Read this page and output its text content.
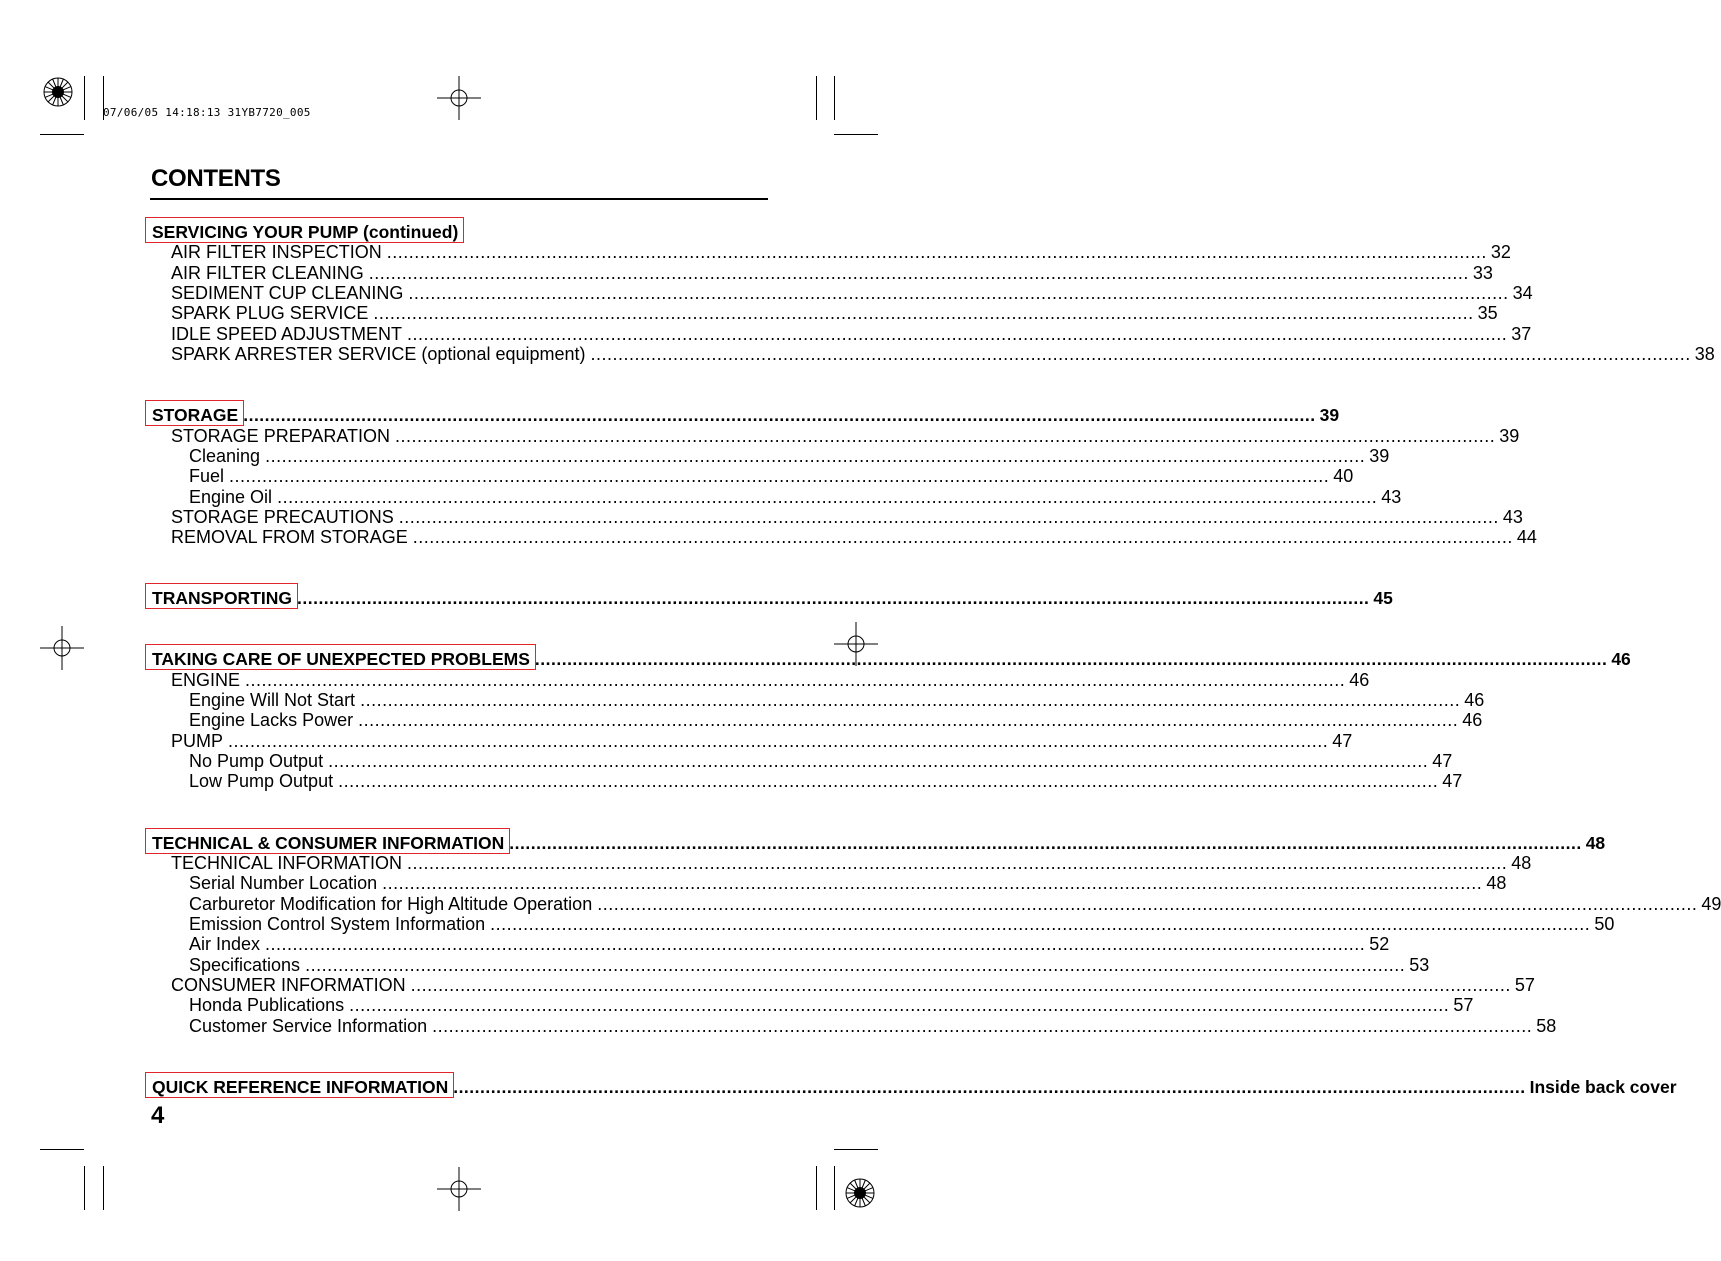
07/06/05 14:18:13 31YB7720_005
CONTENTS
SERVICING YOUR PUMP (continued)
AIR FILTER INSPECTION ........................................................................................................................................................................................................ 32
AIR FILTER CLEANING ........................................................................................................................................................................................................ 33
SEDIMENT CUP CLEANING ........................................................................................................................................................................................................ 34
SPARK PLUG SERVICE ........................................................................................................................................................................................................ 35
IDLE SPEED ADJUSTMENT ........................................................................................................................................................................................................ 37
SPARK ARRESTER SERVICE (optional equipment) ........................................................................................................................................................................................................ 38
STORAGE ........................................................................................................................................................................................................ 39
STORAGE PREPARATION ........................................................................................................................................................................................................ 39
Cleaning ........................................................................................................................................................................................................ 39
Fuel ........................................................................................................................................................................................................ 40
Engine Oil ........................................................................................................................................................................................................ 43
STORAGE PRECAUTIONS ........................................................................................................................................................................................................ 43
REMOVAL FROM STORAGE ........................................................................................................................................................................................................ 44
TRANSPORTING ........................................................................................................................................................................................................ 45
TAKING CARE OF UNEXPECTED PROBLEMS ........................................................................................................................................................................................................ 46
ENGINE ........................................................................................................................................................................................................ 46
Engine Will Not Start ........................................................................................................................................................................................................ 46
Engine Lacks Power ........................................................................................................................................................................................................ 46
PUMP ........................................................................................................................................................................................................ 47
No Pump Output ........................................................................................................................................................................................................ 47
Low Pump Output ........................................................................................................................................................................................................ 47
TECHNICAL & CONSUMER INFORMATION ........................................................................................................................................................................................................ 48
TECHNICAL INFORMATION ........................................................................................................................................................................................................ 48
Serial Number Location ........................................................................................................................................................................................................ 48
Carburetor Modification for High Altitude Operation ........................................................................................................................................................................................................ 49
Emission Control System Information ........................................................................................................................................................................................................ 50
Air Index ........................................................................................................................................................................................................ 52
Specifications ........................................................................................................................................................................................................ 53
CONSUMER INFORMATION ........................................................................................................................................................................................................ 57
Honda Publications ........................................................................................................................................................................................................ 57
Customer Service Information ........................................................................................................................................................................................................ 58
QUICK REFERENCE INFORMATION ........................................................................................................................................................................................................ Inside back cover
4
